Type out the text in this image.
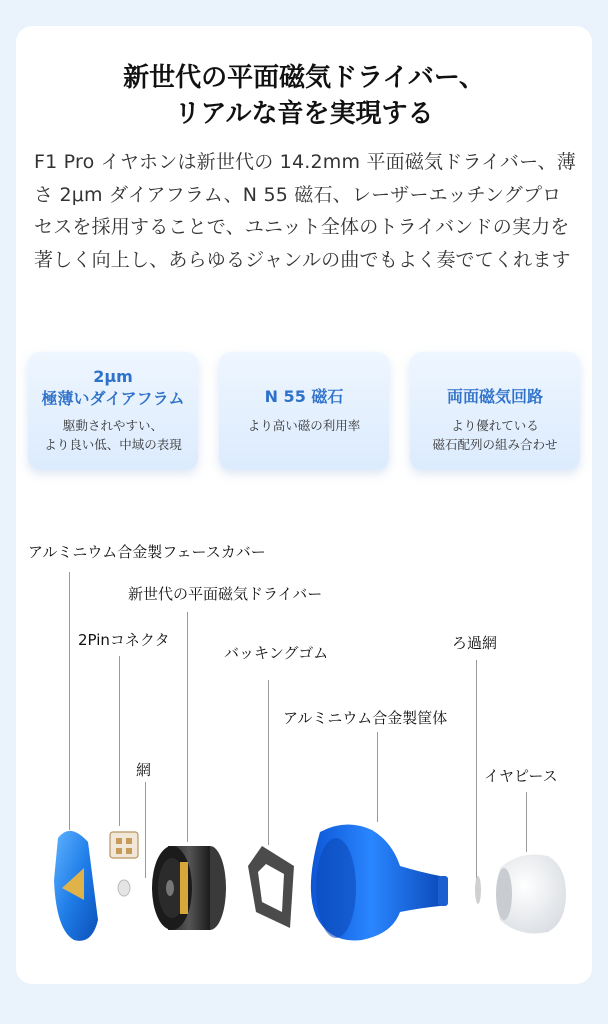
新世代の平面磁気ドライバー、
リアルな音を実現する
F1 Pro イヤホンは新世代の 14.2mm 平面磁気ドライバー、薄さ 2μm ダイアフラム、N 55 磁石、レーザーエッチングプロセスを採用することで、ユニット全体のトライバンドの実力を著しく向上し、あらゆるジャンルの曲でもよく奏でてくれます
2μm
極薄いダイアフラム
駆動されやすい、
より良い低、中域の表現
N 55 磁石
より高い磁の利用率
両面磁気回路
より優れている
磁石配列の組み合わせ
アルミニウム合金製フェースカバー
新世代の平面磁気ドライバー
2Pinコネクタ
バッキングゴム
ろ過網
アルミニウム合金製筐体
網	イヤピース
